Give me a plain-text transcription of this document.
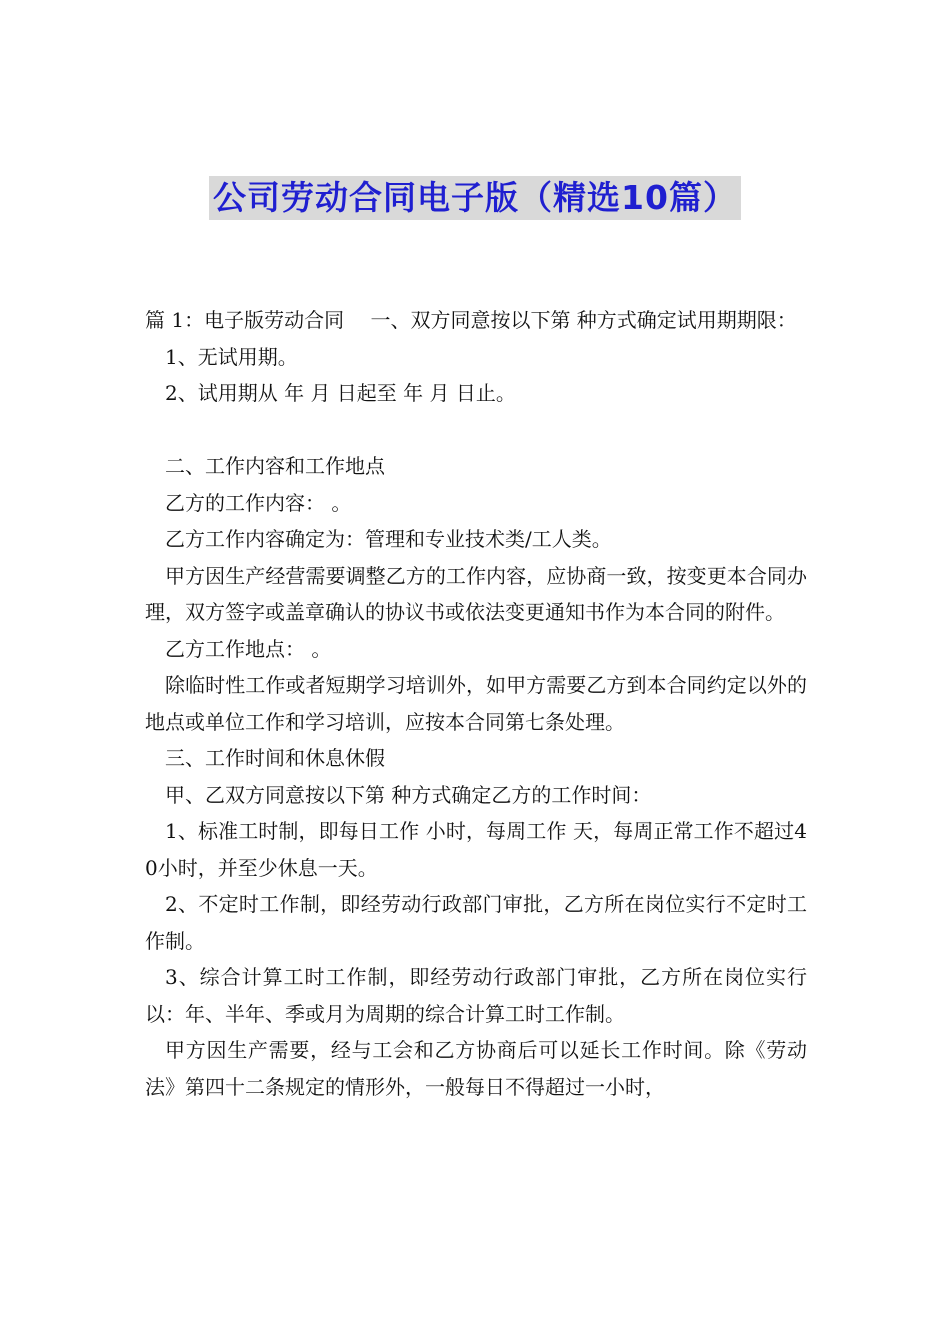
公司劳动合同电子版（精选10篇）

篇 1：电子版劳动合同　 一、双方同意按以下第 种方式确定试用期期限：

1、无试用期。

2、试用期从 年 月 日起至 年 月 日止。

二、工作内容和工作地点

乙方的工作内容： 。

乙方工作内容确定为：管理和专业技术类/工人类。

甲方因生产经营需要调整乙方的工作内容，应协商一致，按变更本合同办理，双方签字或盖章确认的协议书或依法变更通知书作为本合同的附件。

乙方工作地点： 。

除临时性工作或者短期学习培训外，如甲方需要乙方到本合同约定以外的地点或单位工作和学习培训，应按本合同第七条处理。

三、工作时间和休息休假

甲、乙双方同意按以下第 种方式确定乙方的工作时间：

1、标准工时制，即每日工作 小时，每周工作 天，每周正常工作不超过40小时，并至少休息一天。

2、不定时工作制，即经劳动行政部门审批，乙方所在岗位实行不定时工作制。

3、综合计算工时工作制，即经劳动行政部门审批，乙方所在岗位实行以：年、半年、季或月为周期的综合计算工时工作制。

甲方因生产需要，经与工会和乙方协商后可以延长工作时间。除《劳动法》第四十二条规定的情形外，一般每日不得超过一小时，
